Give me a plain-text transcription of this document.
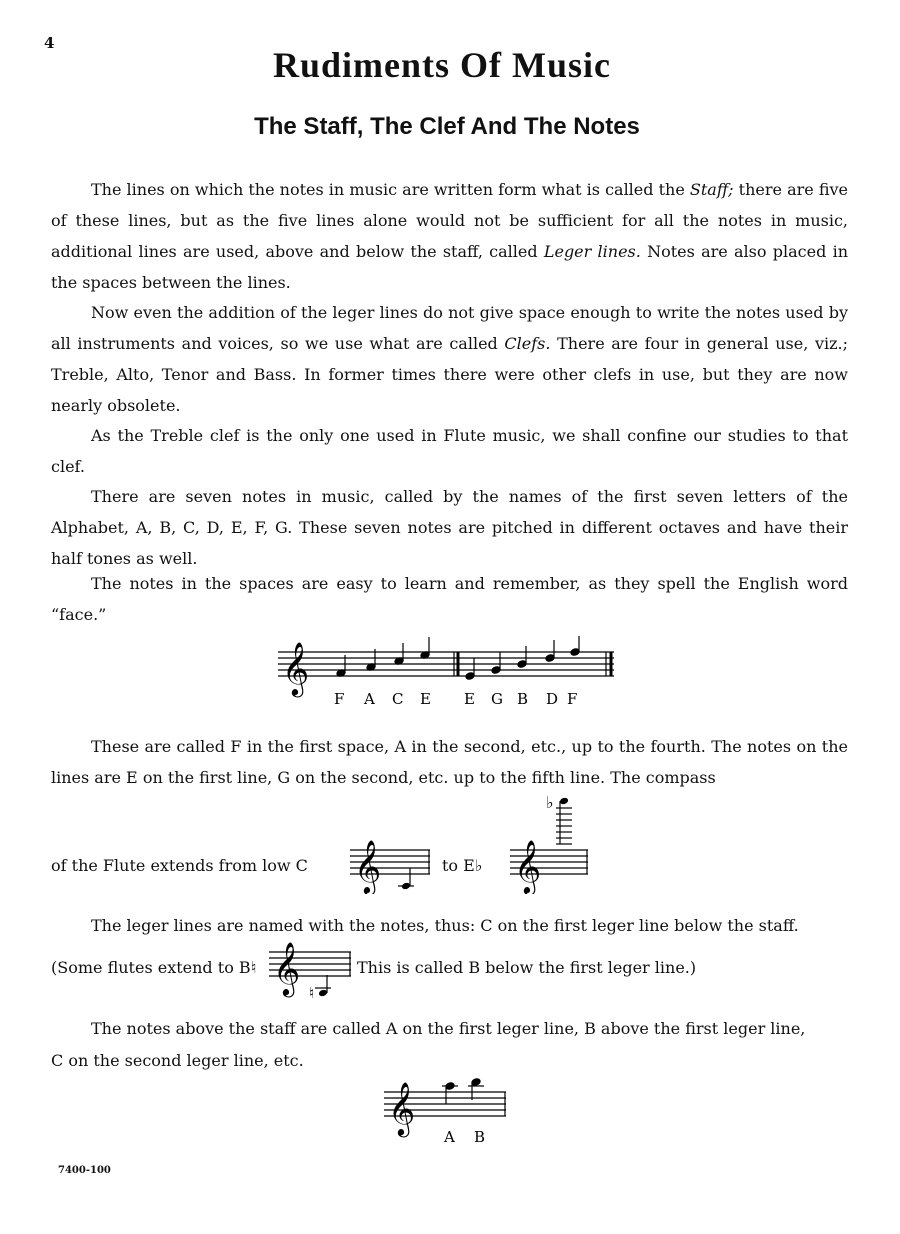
4
Rudiments Of Music
The Staff, The Clef And The Notes
The lines on which the notes in music are written form what is called the Staff; there are five of these lines, but as the five lines alone would not be sufficient for all the notes in music, additional lines are used, above and below the staff, called Leger lines. Notes are also placed in the spaces between the lines.
Now even the addition of the leger lines do not give space enough to write the notes used by all instruments and voices, so we use what are called Clefs. There are four in general use, viz.; Treble, Alto, Tenor and Bass. In former times there were other clefs in use, but they are now nearly obsolete.
As the Treble clef is the only one used in Flute music, we shall confine our studies to that clef.
There are seven notes in music, called by the names of the first seven letters of the Alphabet, A, B, C, D, E, F, G. These seven notes are pitched in different octaves and have their half tones as well.
The notes in the spaces are easy to learn and remember, as they spell the English word “face.”
𝄞
F A C E E G B D F
These are called F in the first space, A in the second, etc., up to the fourth. The notes on the lines are E on the first line, G on the second, etc. up to the fifth line. The compass
of the Flute extends from low C	to E♭
𝄞	𝄞
♭
The leger lines are named with the notes, thus: C on the first leger line below the staff.
(Some flutes extend to B♮ 𝄞 ♮
This is called B below the first leger line.)
The notes above the staff are called A on the first leger line, B above the first leger line,
C on the second leger line, etc.
𝄞
A B
7400-100
